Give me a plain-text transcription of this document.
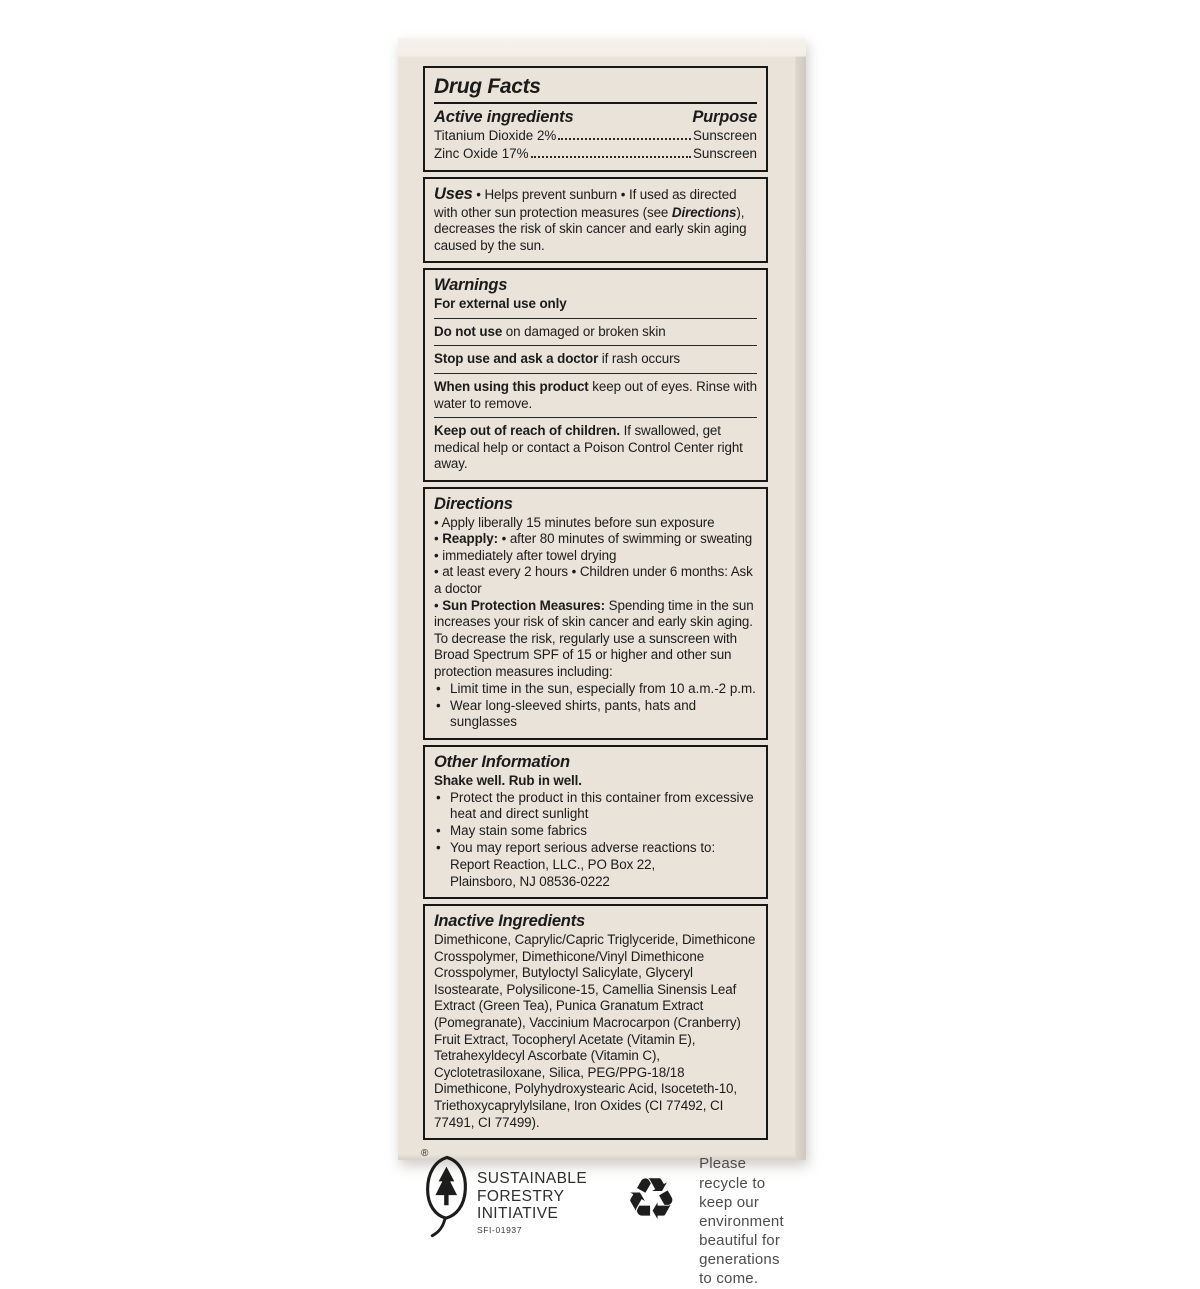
Drug Facts
Active ingredients	Purpose
Titanium Dioxide 2%	Sunscreen
Zinc Oxide 17%	Sunscreen

Uses • Helps prevent sunburn • If used as directed with other sun protection measures (see Directions), decreases the risk of skin cancer and early skin aging caused by the sun.

Warnings

For external use only

Do not use on damaged or broken skin

Stop use and ask a doctor if rash occurs

When using this product keep out of eyes. Rinse with water to remove.

Keep out of reach of children. If swallowed, get medical help or contact a Poison Control Center right away.

Directions

• Apply liberally 15 minutes before sun exposure

• Reapply: • after 80 minutes of swimming or sweating • immediately after towel drying

• at least every 2 hours • Children under 6 months: Ask a doctor

• Sun Protection Measures: Spending time in the sun increases your risk of skin cancer and early skin aging. To decrease the risk, regularly use a sunscreen with Broad Spectrum SPF of 15 or higher and other sun protection measures including:

• Limit time in the sun, especially from 10 a.m.-2 p.m.
• Wear long-sleeved shirts, pants, hats and sunglasses
Other Information

Shake well. Rub in well.

• Protect the product in this container from excessive heat and direct sunlight
• May stain some fabrics
• You may report serious adverse reactions to:

Report Reaction, LLC., PO Box 22,

Plainsboro, NJ 08536-0222

Inactive Ingredients

Dimethicone, Caprylic/Capric Triglyceride, Dimethicone Crosspolymer, Dimethicone/Vinyl Dimethicone Crosspolymer, Butyloctyl Salicylate, Glyceryl Isostearate, Polysilicone-15, Camellia Sinensis Leaf Extract (Green Tea), Punica Granatum Extract (Pomegranate), Vaccinium Macrocarpon (Cranberry) Fruit Extract, Tocopheryl Acetate (Vitamin E), Tetrahexyldecyl Ascorbate (Vitamin C), Cyclotetrasiloxane, Silica, PEG/PPG-18/18 Dimethicone, Polyhydroxystearic Acid, Isoceteth-10, Triethoxycaprylylsilane, Iron Oxides (CI 77492, CI 77491, CI 77499).

®
SUSTAINABLE
FORESTRY
INITIATIVE
SFI-01937	♻
Please recycle to keep our environment beautiful for generations to come.
